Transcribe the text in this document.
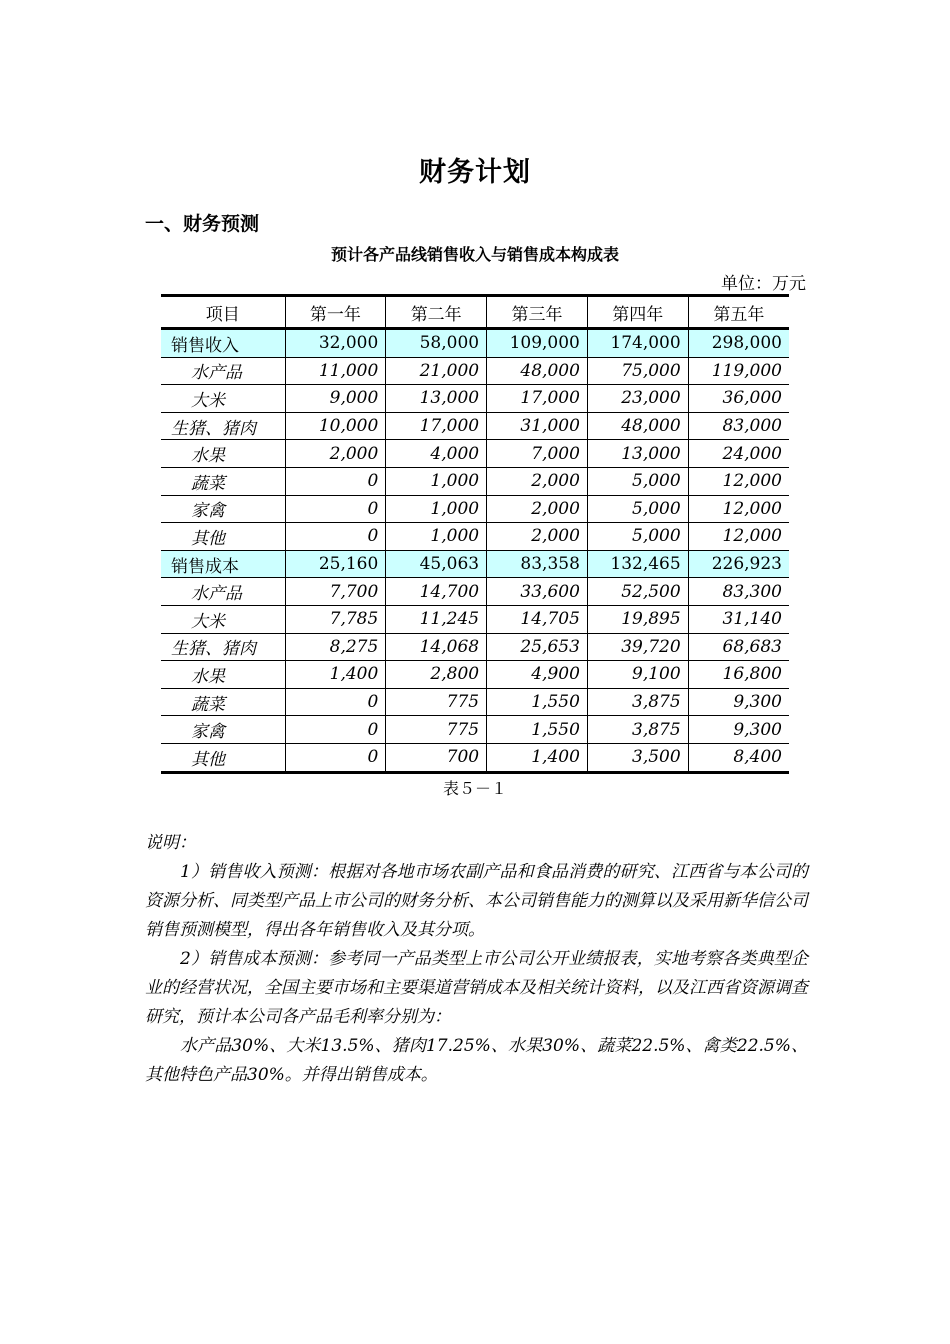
财务计划
一、财务预测
预计各产品线销售收入与销售成本构成表
单位：万元
项目	第一年	第二年	第三年	第四年	第五年
销售收入	32,000	58,000	109,000	174,000	298,000
水产品	11,000	21,000	48,000	75,000	119,000
大米	9,000	13,000	17,000	23,000	36,000
生猪、猪肉	10,000	17,000	31,000	48,000	83,000
水果	2,000	4,000	7,000	13,000	24,000
蔬菜	0	1,000	2,000	5,000	12,000
家禽	0	1,000	2,000	5,000	12,000
其他	0	1,000	2,000	5,000	12,000
销售成本	25,160	45,063	83,358	132,465	226,923
水产品	7,700	14,700	33,600	52,500	83,300
大米	7,785	11,245	14,705	19,895	31,140
生猪、猪肉	8,275	14,068	25,653	39,720	68,683
水果	1,400	2,800	4,900	9,100	16,800
蔬菜	0	775	1,550	3,875	9,300
家禽	0	775	1,550	3,875	9,300
其他	0	700	1,400	3,500	8,400
表５－１

说明：

1）销售收入预测：根据对各地市场农副产品和食品消费的研究、江西省与本公司的资源分析、同类型产品上市公司的财务分析、本公司销售能力的测算以及采用新华信公司销售预测模型，得出各年销售收入及其分项。

2）销售成本预测：参考同一产品类型上市公司公开业绩报表，实地考察各类典型企业的经营状况，全国主要市场和主要渠道营销成本及相关统计资料，以及江西省资源调查研究，预计本公司各产品毛利率分别为：

水产品30%、大米13.5%、猪肉17.25%、水果30%、蔬菜22.5%、禽类22.5%、其他特色产品30%。并得出销售成本。
